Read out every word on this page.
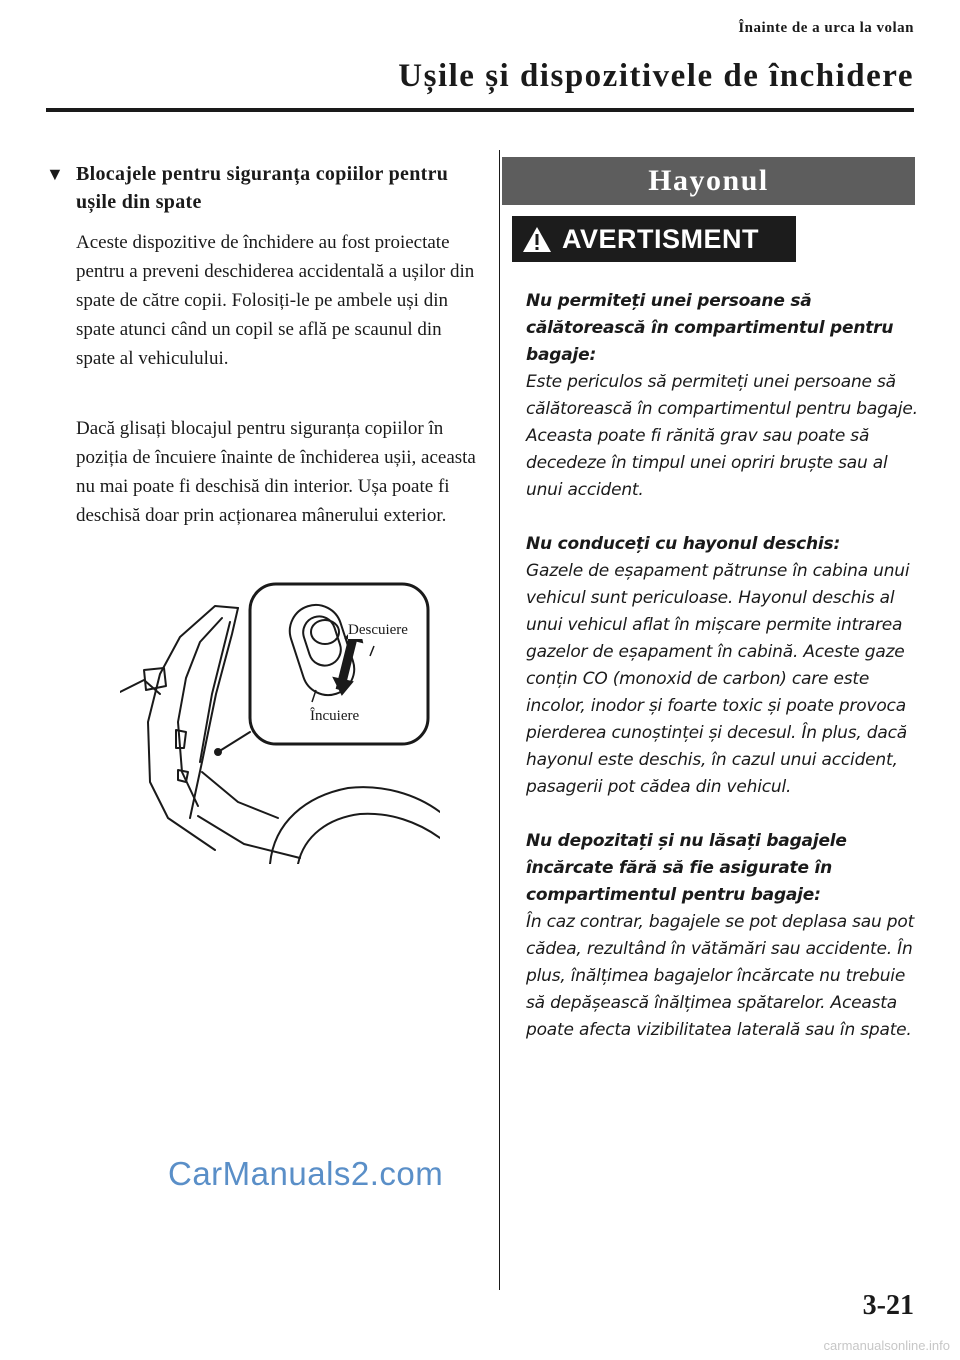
Înainte de a urca la volan
Ușile și dispozitivele de închidere
▼ Blocajele pentru siguranța copiilor pentru ușile din spate
Aceste dispozitive de închidere au fost proiectate pentru a preveni deschiderea accidentală a ușilor din spate de către copii. Folosiți-le pe ambele uși din spate atunci când un copil se află pe scaunul din spate al vehiculului.
Dacă glisați blocajul pentru siguranța copiilor în poziția de încuiere înainte de închiderea ușii, aceasta nu mai poate fi deschisă din interior. Ușa poate fi deschisă doar prin acționarea mânerului exterior.
Descuiere
Încuiere
CarManuals2.com
Hayonul
AVERTISMENT
Nu permiteți unei persoane să călătorească în compartimentul pentru bagaje:
Este periculos să permiteți unei persoane să călătorească în compartimentul pentru bagaje. Aceasta poate fi rănită grav sau poate să decedeze în timpul unei opriri bruște sau al unui accident.
Nu conduceți cu hayonul deschis:
Gazele de eșapament pătrunse în cabina unui vehicul sunt periculoase. Hayonul deschis al unui vehicul aflat în mișcare permite intrarea gazelor de eșapament în cabină. Aceste gaze conțin CO (monoxid de carbon) care este incolor, inodor și foarte toxic și poate provoca pierderea cunoștinței și decesul. În plus, dacă hayonul este deschis, în cazul unui accident, pasagerii pot cădea din vehicul.
Nu depozitați și nu lăsați bagajele încărcate fără să fie asigurate în compartimentul pentru bagaje:
În caz contrar, bagajele se pot deplasa sau pot cădea, rezultând în vătămări sau accidente. În plus, înălțimea bagajelor încărcate nu trebuie să depășească înălțimea spătarelor. Aceasta poate afecta vizibilitatea laterală sau în spate.
3-21
carmanualsonline.info
